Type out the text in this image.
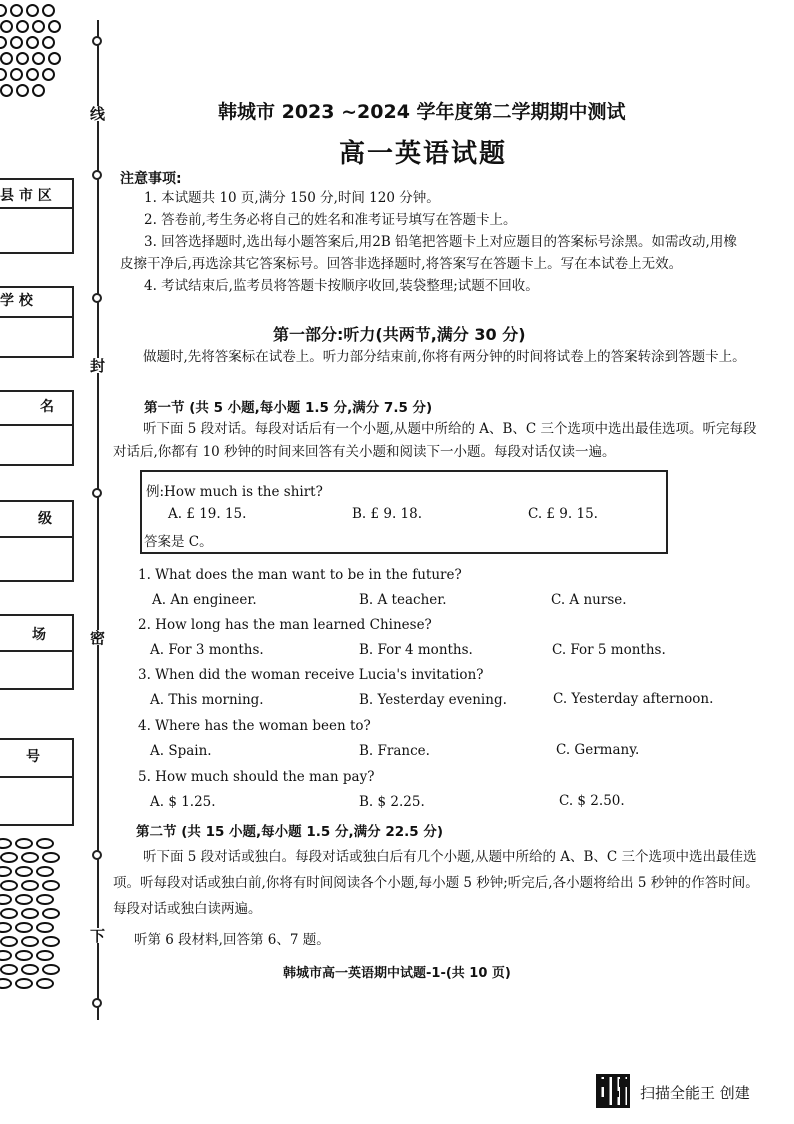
线
封
密
下
县 市 区
学 校
名
级
场
号
韩城市 2023 ~2024 学年度第二学期期中测试
高一英语试题
注意事项:

1. 本试题共 10 页,满分 150 分,时间 120 分钟。

2. 答卷前,考生务必将自己的姓名和准考证号填写在答题卡上。

3. 回答选择题时,选出每小题答案后,用2B 铅笔把答题卡上对应题目的答案标号涂黑。如需改动,用橡皮擦干净后,再选涂其它答案标号。回答非选择题时,将答案写在答题卡上。写在本试卷上无效。

4. 考试结束后,监考员将答题卡按顺序收回,装袋整理;试题不回收。

第一部分:听力(共两节,满分 30 分)
做题时,先将答案标在试卷上。听力部分结束前,你将有两分钟的时间将试卷上的答案转涂到答题卡上。
第一节 (共 5 小题,每小题 1.5 分,满分 7.5 分)
听下面 5 段对话。每段对话后有一个小题,从题中所给的 A、B、C 三个选项中选出最佳选项。听完每段对话后,你都有 10 秒钟的时间来回答有关小题和阅读下一小题。每段对话仅读一遍。
例:How much is the shirt?
A. £ 19. 15.	B. £ 9. 18.	C. £ 9. 15.
答案是 C。
1. What does the man want to be in the future?
A. An engineer.	B. A teacher.	C. A nurse.
2. How long has the man learned Chinese?
A. For 3 months.	B. For 4 months.	C. For 5 months.
3. When did the woman receive Lucia's invitation?
A. This morning.	B. Yesterday evening.	C. Yesterday afternoon.
4. Where has the woman been to?
A. Spain.	B. France.	C. Germany.
5. How much should the man pay?
A. $ 1.25.	B. $ 2.25.	C. $ 2.50.
第二节 (共 15 小题,每小题 1.5 分,满分 22.5 分)
听下面 5 段对话或独白。每段对话或独白后有几个小题,从题中所给的 A、B、C 三个选项中选出最佳选项。听每段对话或独白前,你将有时间阅读各个小题,每小题 5 秒钟;听完后,各小题将给出 5 秒钟的作答时间。每段对话或独白读两遍。
听第 6 段材料,回答第 6、7 题。
韩城市高一英语期中试题-1-(共 10 页)
扫描全能王 创建
